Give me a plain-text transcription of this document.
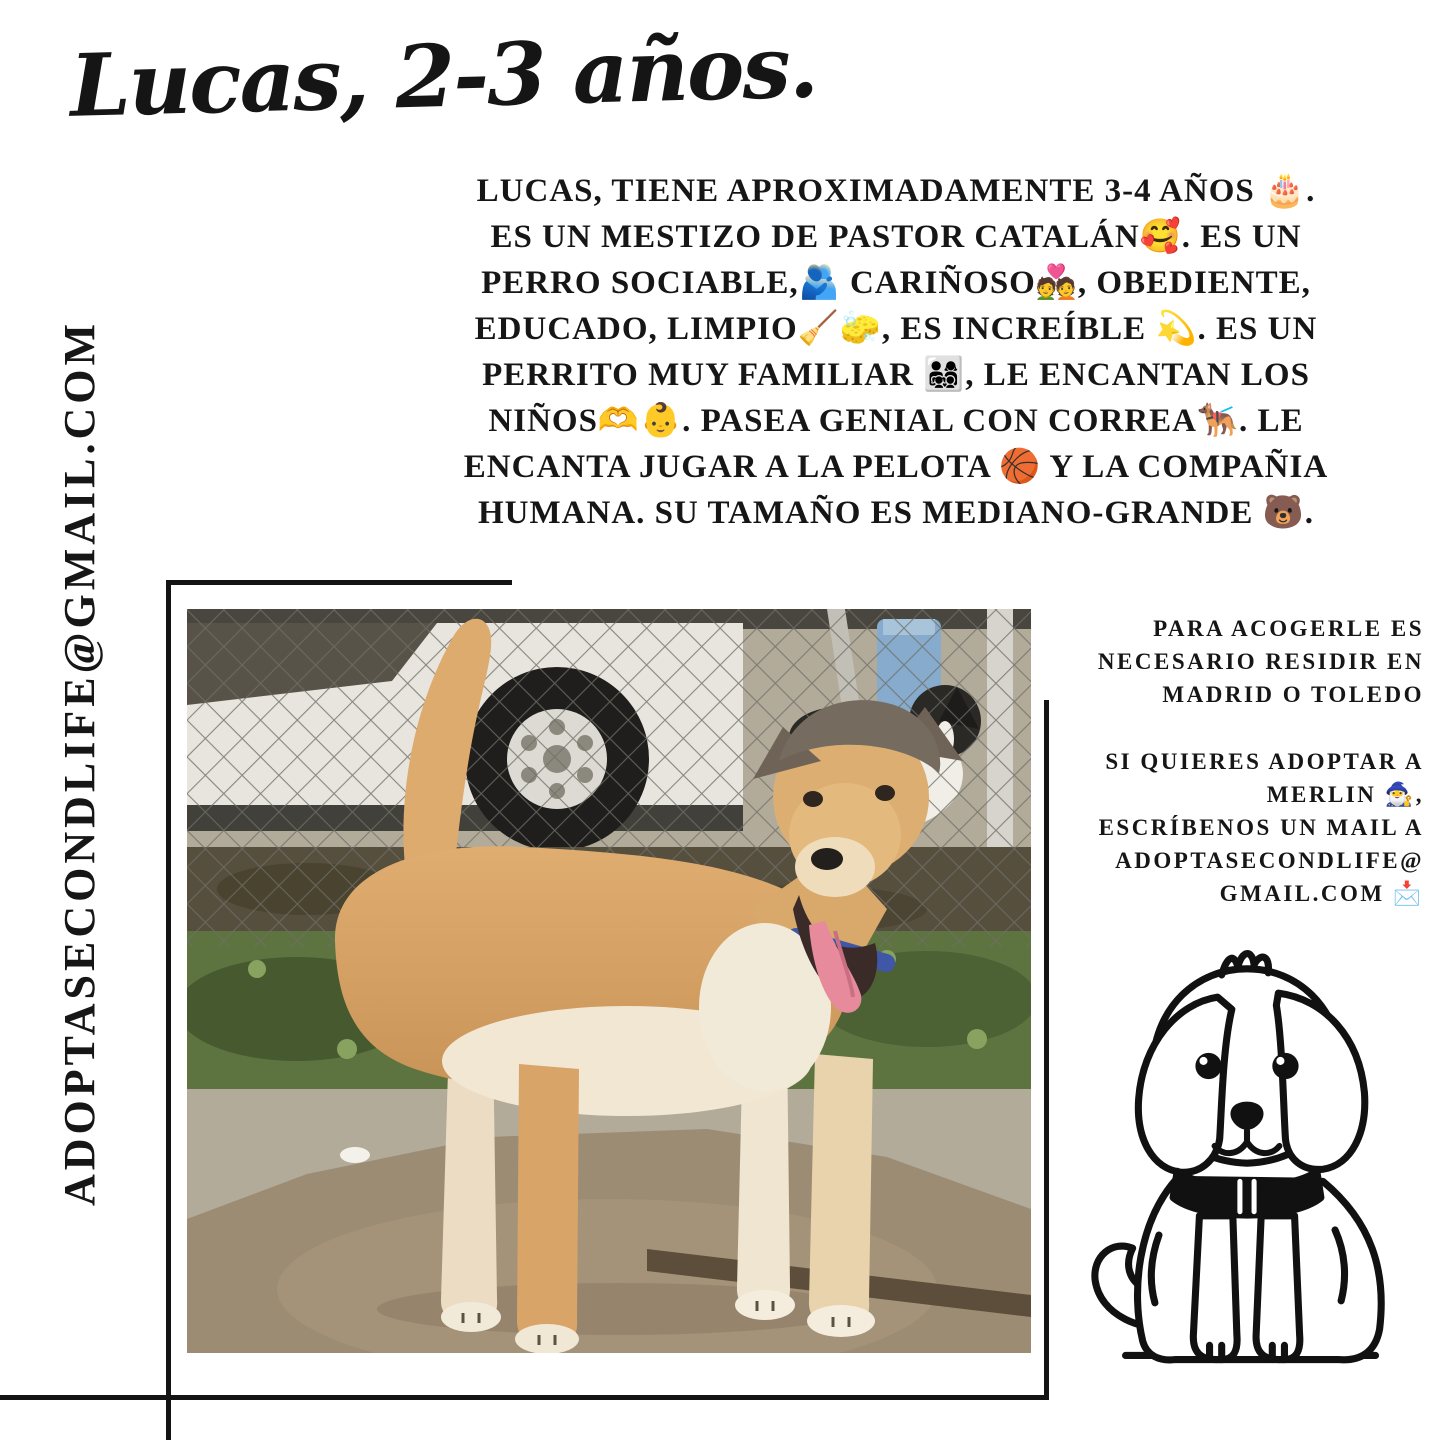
Lucas, 2-3 años.
ADOPTASECONDLIFE@GMAIL.COM
LUCAS, TIENE APROXIMADAMENTE 3-4 AÑOS 🎂.
ES UN MESTIZO DE PASTOR CATALÁN🥰. ES UN
PERRO SOCIABLE,🫂 CARIÑOSO💑, OBEDIENTE,
EDUCADO, LIMPIO🧹🧽, ES INCREÍBLE 💫. ES UN
PERRITO MUY FAMILIAR 👨‍👩‍👧‍👦, LE ENCANTAN LOS
NIÑOS🫶👶. PASEA GENIAL CON CORREA🐕‍🦺. LE
ENCANTA JUGAR A LA PELOTA 🏀 Y LA COMPAÑIA
HUMANA. SU TAMAÑO ES MEDIANO-GRANDE 🐻.
PARA ACOGERLE ES
NECESARIO RESIDIR EN
MADRID O TOLEDO
SI QUIERES ADOPTAR A
MERLIN 🧙‍♂️,
ESCRÍBENOS UN MAIL A
ADOPTASECONDLIFE@
GMAIL.COM 📩
